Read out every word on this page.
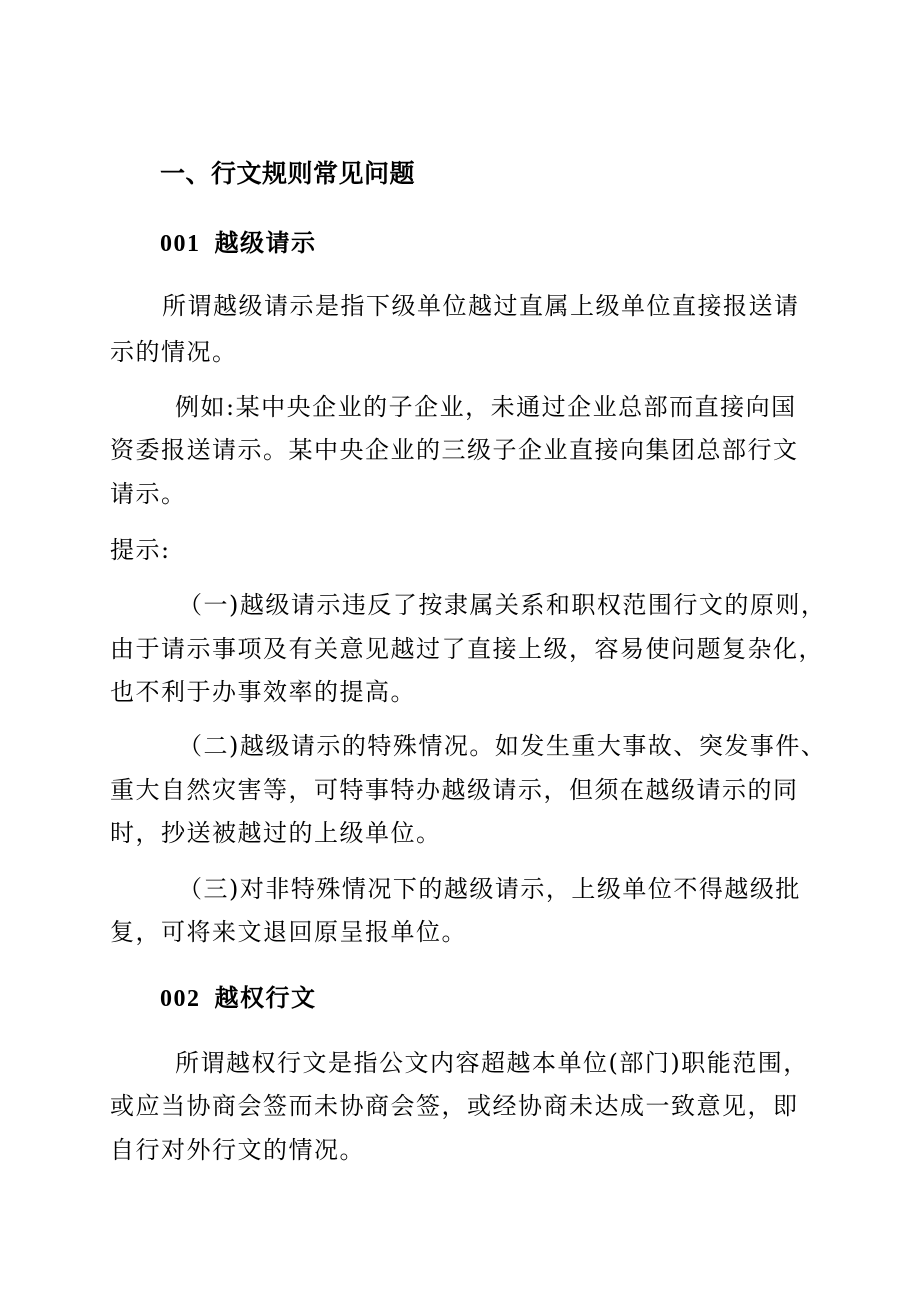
一、行文规则常见问题
001 越级请示
所谓越级请示是指下级单位越过直属上级单位直接报送请
示的情况。
例如:某中央企业的子企业，未通过企业总部而直接向国
资委报送请示。某中央企业的三级子企业直接向集团总部行文
请示。
提示:
（一)越级请示违反了按隶属关系和职权范围行文的原则，
由于请示事项及有关意见越过了直接上级，容易使问题复杂化，
也不利于办事效率的提高。
（二)越级请示的特殊情况。如发生重大事故、突发事件、
重大自然灾害等，可特事特办越级请示，但须在越级请示的同
时，抄送被越过的上级单位。
（三)对非特殊情况下的越级请示，上级单位不得越级批
复，可将来文退回原呈报单位。
002 越权行文
所谓越权行文是指公文内容超越本单位(部门)职能范围，
或应当协商会签而未协商会签，或经协商未达成一致意见，即
自行对外行文的情况。
